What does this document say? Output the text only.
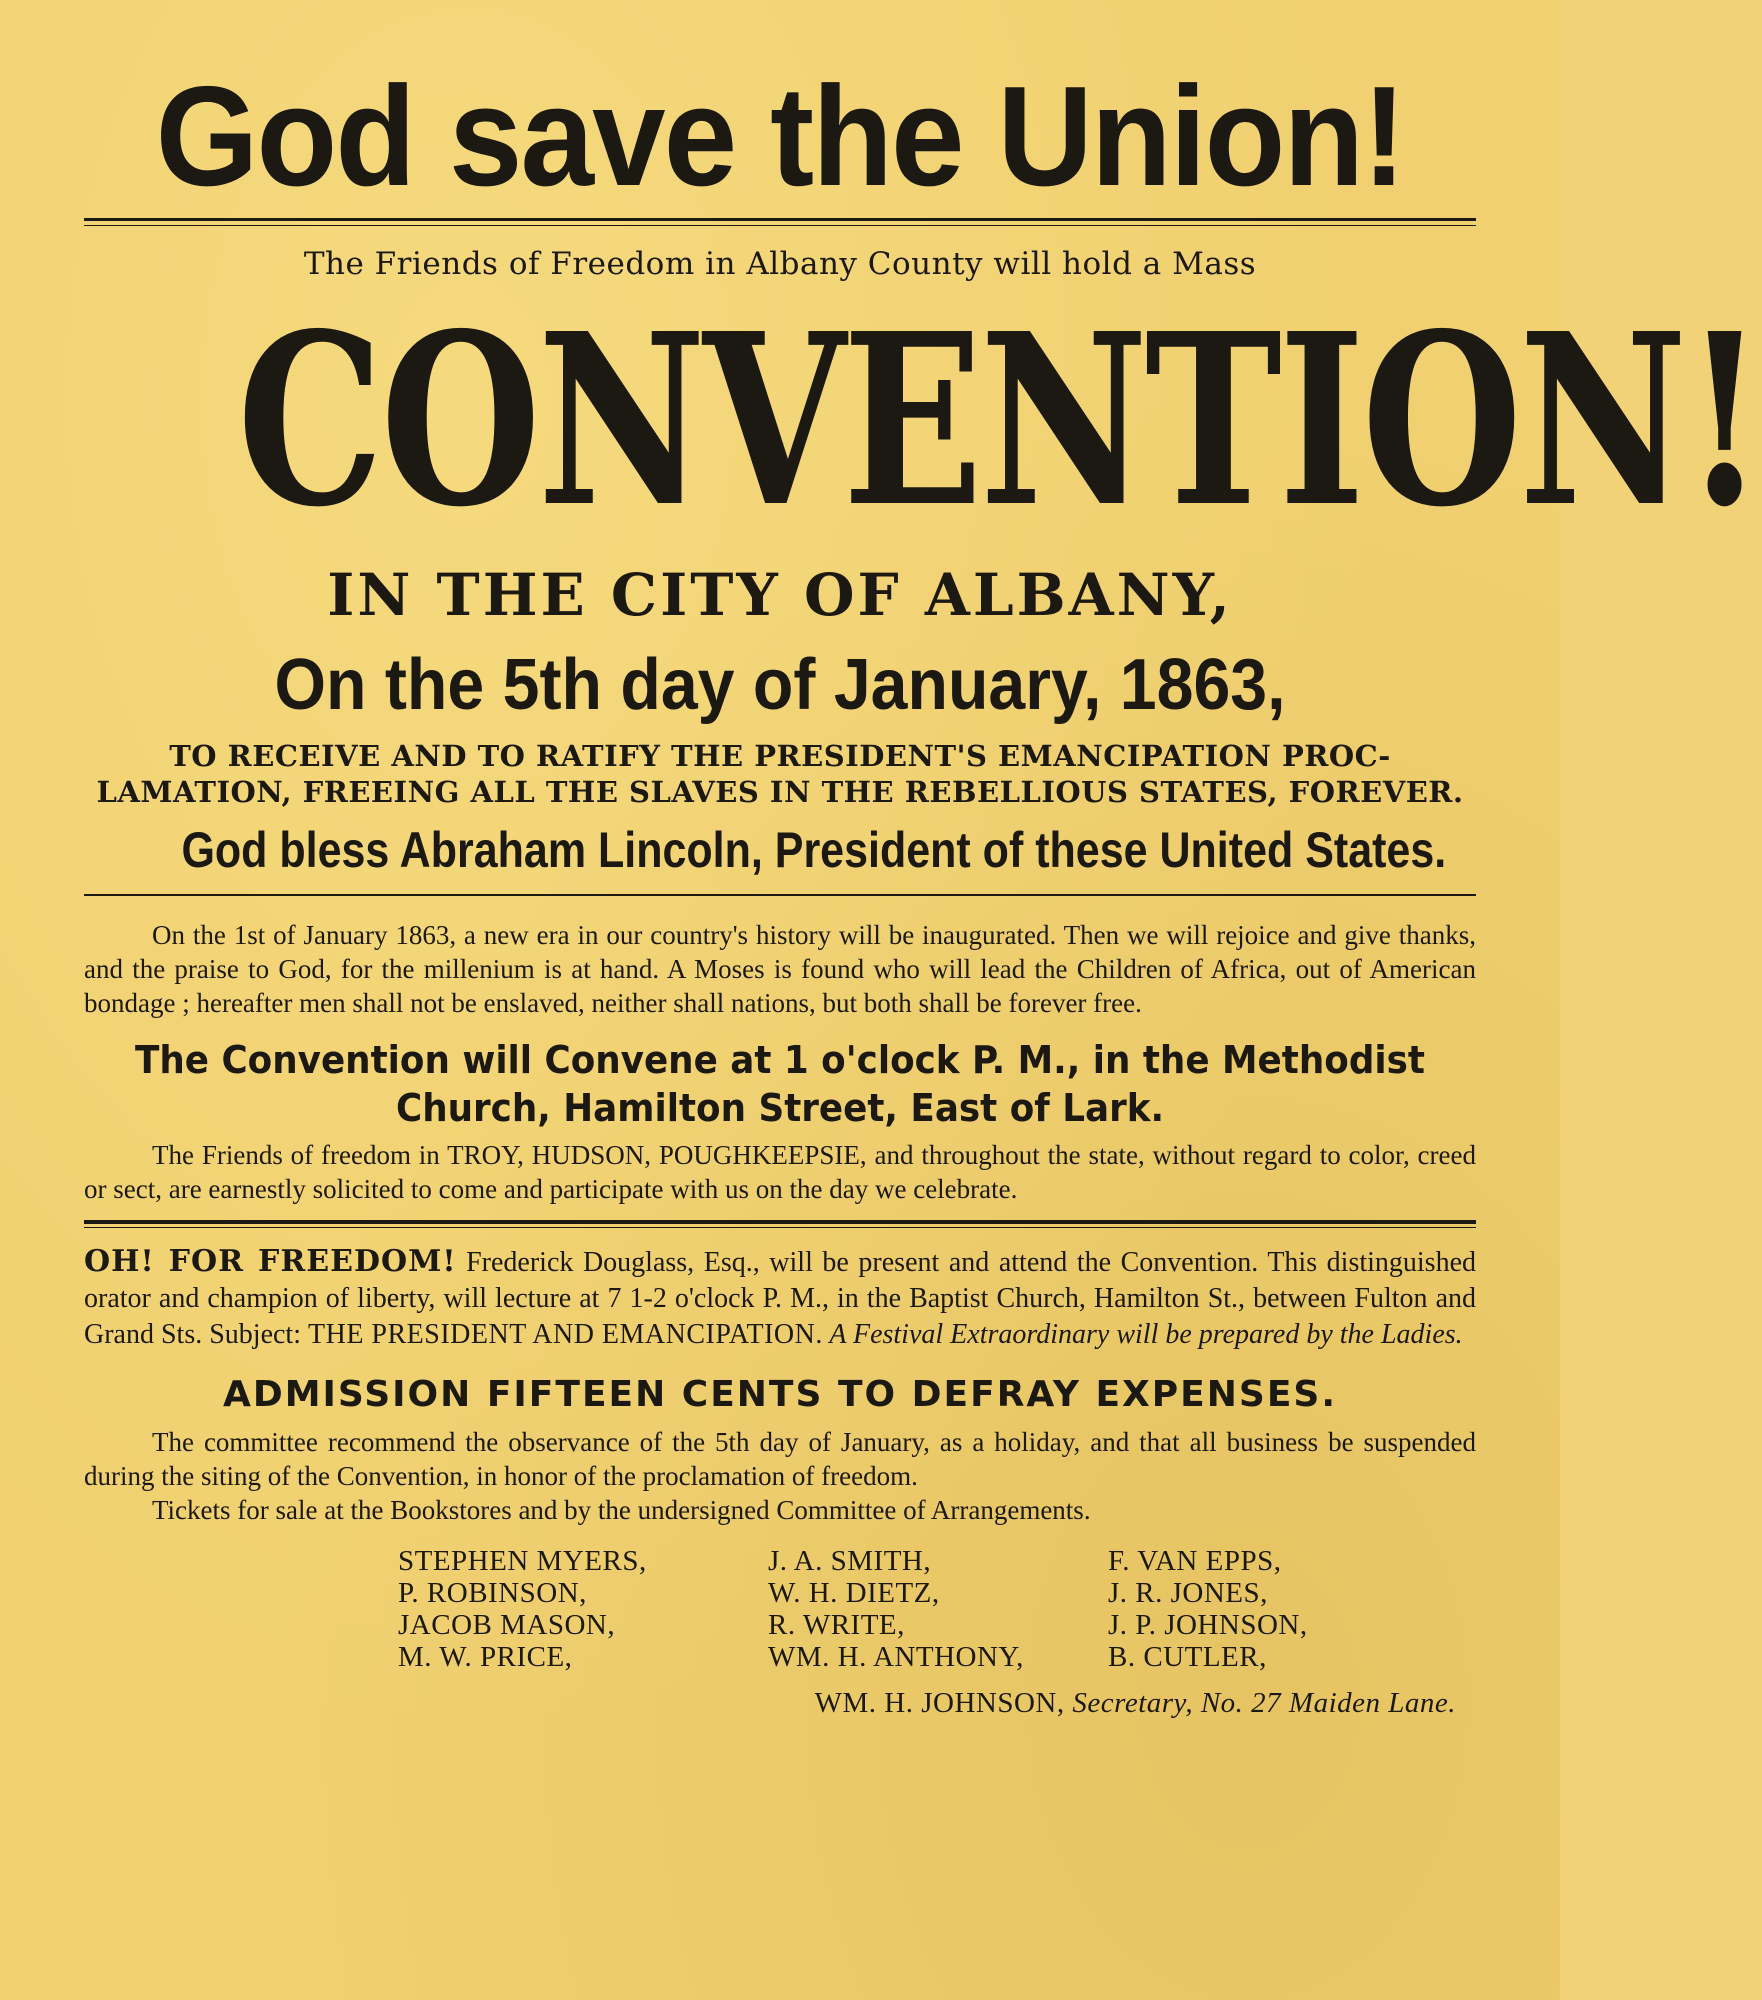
God save the Union!
The Friends of Freedom in Albany County will hold a Mass
CONVENTION!
IN THE CITY OF ALBANY,
On the 5th day of January, 1863,
TO RECEIVE AND TO RATIFY THE PRESIDENT'S EMANCIPATION PROC-
LAMATION, FREEING ALL THE SLAVES IN THE REBELLIOUS STATES, FOREVER.
God bless Abraham Lincoln, President of these United States.

On the 1st of January 1863, a new era in our country's history will be inaugurated. Then we will rejoice and give thanks, and the praise to God, for the millenium is at hand. A Moses is found who will lead the Children of Africa, out of American bondage ; hereafter men shall not be enslaved, neither shall nations, but both shall be forever free.

The Convention will Convene at 1 o'clock P. M., in the Methodist Church, Hamilton Street, East of Lark.

The Friends of freedom in TROY, HUDSON, POUGHKEEPSIE, and throughout the state, without regard to color, creed or sect, are earnestly solicited to come and participate with us on the day we celebrate.

OH! FOR FREEDOM! Frederick Douglass, Esq., will be present and attend the Convention. This distinguished orator and champion of liberty, will lecture at 7 1-2 o'clock P. M., in the Baptist Church, Hamilton St., between Fulton and Grand Sts. Subject: THE PRESIDENT AND EMANCIPATION. A Festival Extraordinary will be prepared by the Ladies.

ADMISSION FIFTEEN CENTS TO DEFRAY EXPENSES.

The committee recommend the observance of the 5th day of January, as a holiday, and that all business be suspended during the siting of the Convention, in honor of the proclamation of freedom.

Tickets for sale at the Bookstores and by the undersigned Committee of Arrangements.

STEPHEN MYERS,
P. ROBINSON,
JACOB MASON,
M. W. PRICE,
J. A. SMITH,
W. H. DIETZ,
R. WRITE,
WM. H. ANTHONY,
F. VAN EPPS,
J. R. JONES,
J. P. JOHNSON,
B. CUTLER,
WM. H. JOHNSON, Secretary, No. 27 Maiden Lane.
